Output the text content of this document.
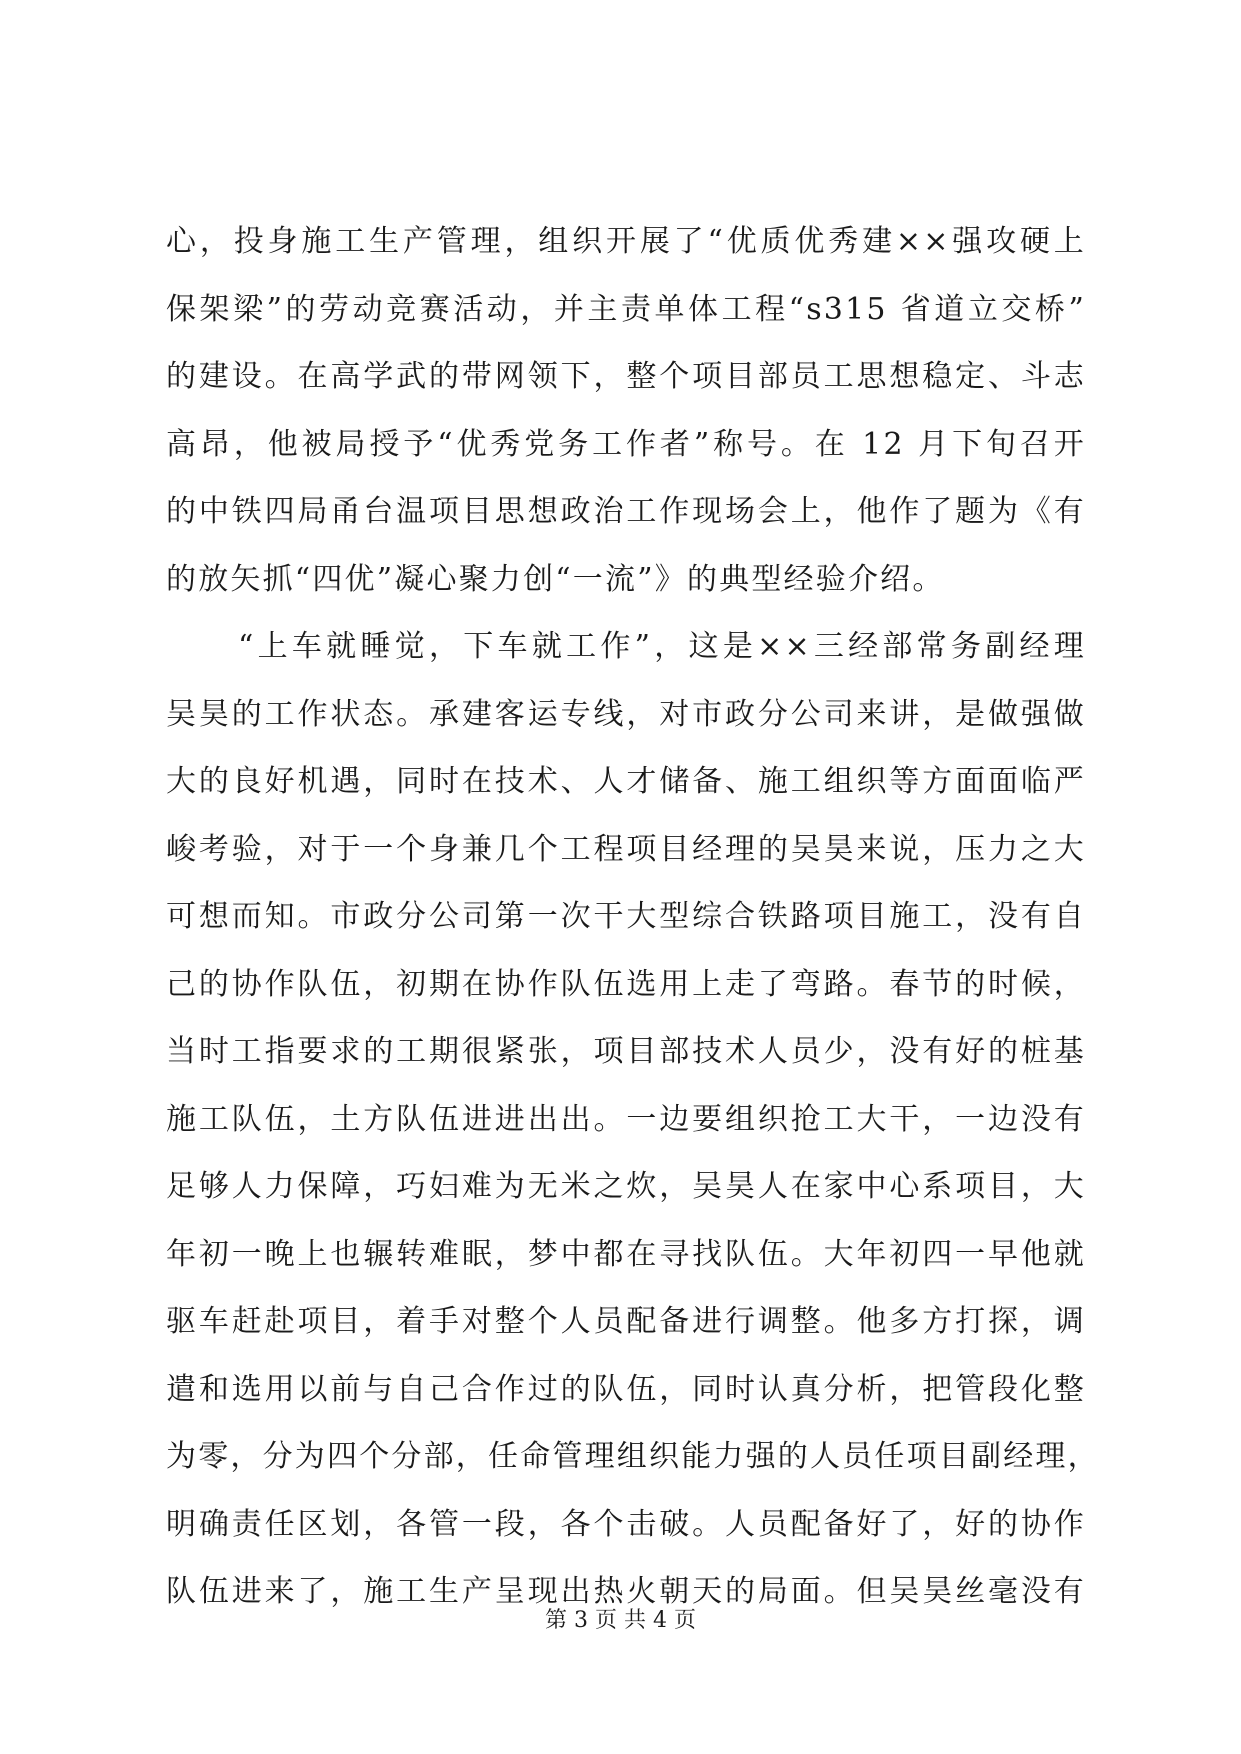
心，投身施工生产管理，组织开展了“优质优秀建××强攻硬上
保架梁”的劳动竞赛活动，并主责单体工程“s315 省道立交桥”
的建设。在高学武的带网领下，整个项目部员工思想稳定、斗志
高昂，他被局授予“优秀党务工作者”称号。在 12 月下旬召开
的中铁四局甬台温项目思想政治工作现场会上，他作了题为《有
的放矢抓“四优”凝心聚力创“一流”》的典型经验介绍。
“上车就睡觉，下车就工作”，这是××三经部常务副经理
吴昊的工作状态。承建客运专线，对市政分公司来讲，是做强做
大的良好机遇，同时在技术、人才储备、施工组织等方面面临严
峻考验，对于一个身兼几个工程项目经理的吴昊来说，压力之大
可想而知。市政分公司第一次干大型综合铁路项目施工，没有自
己的协作队伍，初期在协作队伍选用上走了弯路。春节的时候，
当时工指要求的工期很紧张，项目部技术人员少，没有好的桩基
施工队伍，土方队伍进进出出。一边要组织抢工大干，一边没有
足够人力保障，巧妇难为无米之炊，吴昊人在家中心系项目，大
年初一晚上也辗转难眠，梦中都在寻找队伍。大年初四一早他就
驱车赶赴项目，着手对整个人员配备进行调整。他多方打探，调
遣和选用以前与自己合作过的队伍，同时认真分析，把管段化整
为零，分为四个分部，任命管理组织能力强的人员任项目副经理，
明确责任区划，各管一段，各个击破。人员配备好了，好的协作
队伍进来了，施工生产呈现出热火朝天的局面。但吴昊丝毫没有
第 3 页 共 4 页
